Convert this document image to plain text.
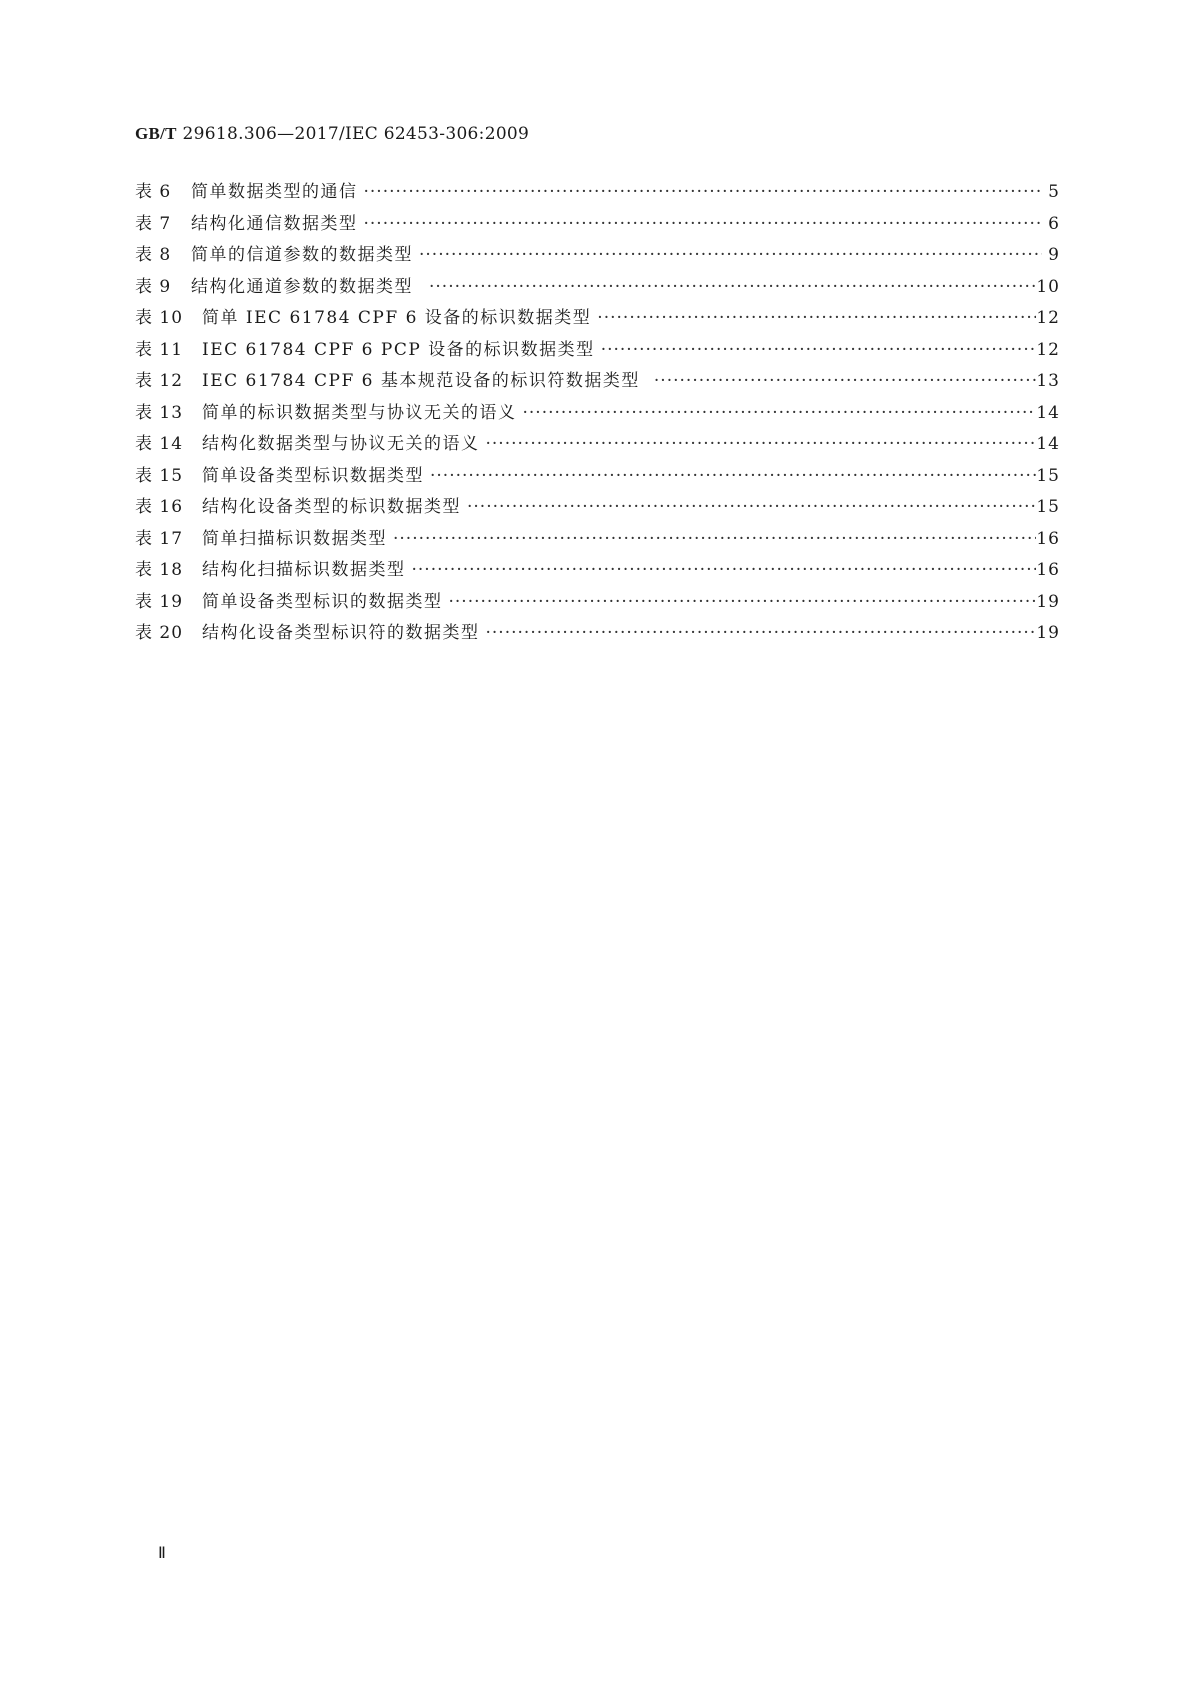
GB/T 29618.306—2017/IEC 62453-306:2009
表 6	简单数据类型的通信 ·····	5
表 7	结构化通信数据类型 ·····	6
表 8	简单的信道参数的数据类型 ·····	9
表 9	结构化通道参数的数据类型 ·····	10
表 10	简单 IEC 61784 CPF 6 设备的标识数据类型 ·····	12
表 11	IEC 61784 CPF 6 PCP 设备的标识数据类型 ·····	12
表 12	IEC 61784 CPF 6 基本规范设备的标识符数据类型 ·····	13
表 13	简单的标识数据类型与协议无关的语义 ·····	14
表 14	结构化数据类型与协议无关的语义 ·····	14
表 15	简单设备类型标识数据类型 ·····	15
表 16	结构化设备类型的标识数据类型 ·····	15
表 17	简单扫描标识数据类型 ·····	16
表 18	结构化扫描标识数据类型 ·····	16
表 19	简单设备类型标识的数据类型 ·····	19
表 20	结构化设备类型标识符的数据类型 ·····	19
Ⅱ
